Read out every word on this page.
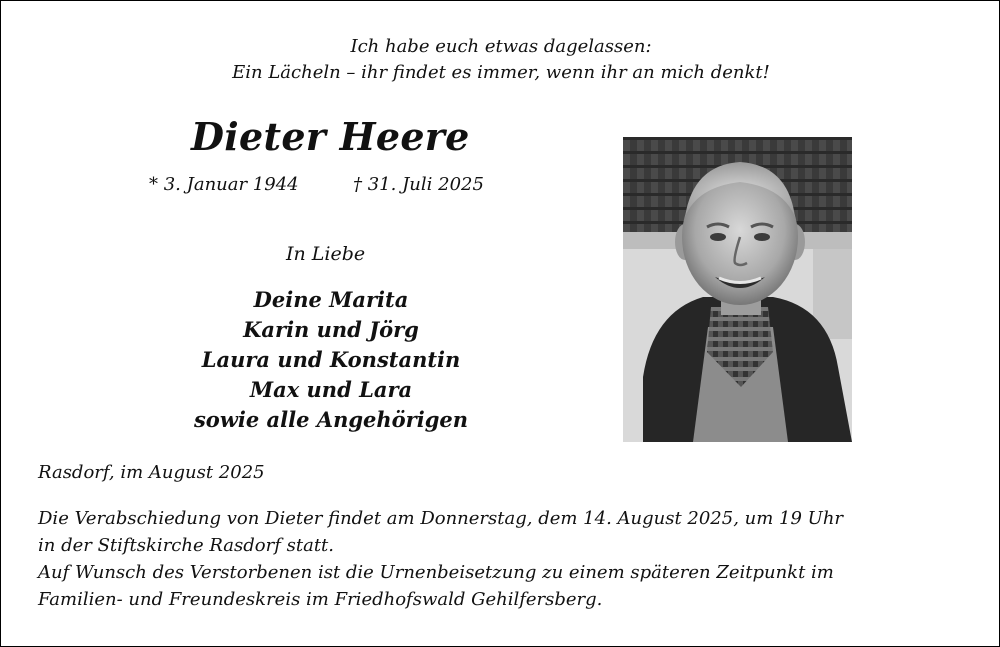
Ich habe euch etwas dagelassen:
Ein Lächeln – ihr findet es immer, wenn ihr an mich denkt!
Dieter Heere
* 3. Januar 1944	† 31. Juli 2025
In Liebe
Deine Marita
Karin und Jörg
Laura und Konstantin
Max und Lara
sowie alle Angehörigen
Rasdorf, im August 2025
Die Verabschiedung von Dieter findet am Donnerstag, dem 14. August 2025, um 19 Uhr
in der Stiftskirche Rasdorf statt.
Auf Wunsch des Verstorbenen ist die Urnenbeisetzung zu einem späteren Zeitpunkt im
Familien- und Freundeskreis im Friedhofswald Gehilfersberg.
